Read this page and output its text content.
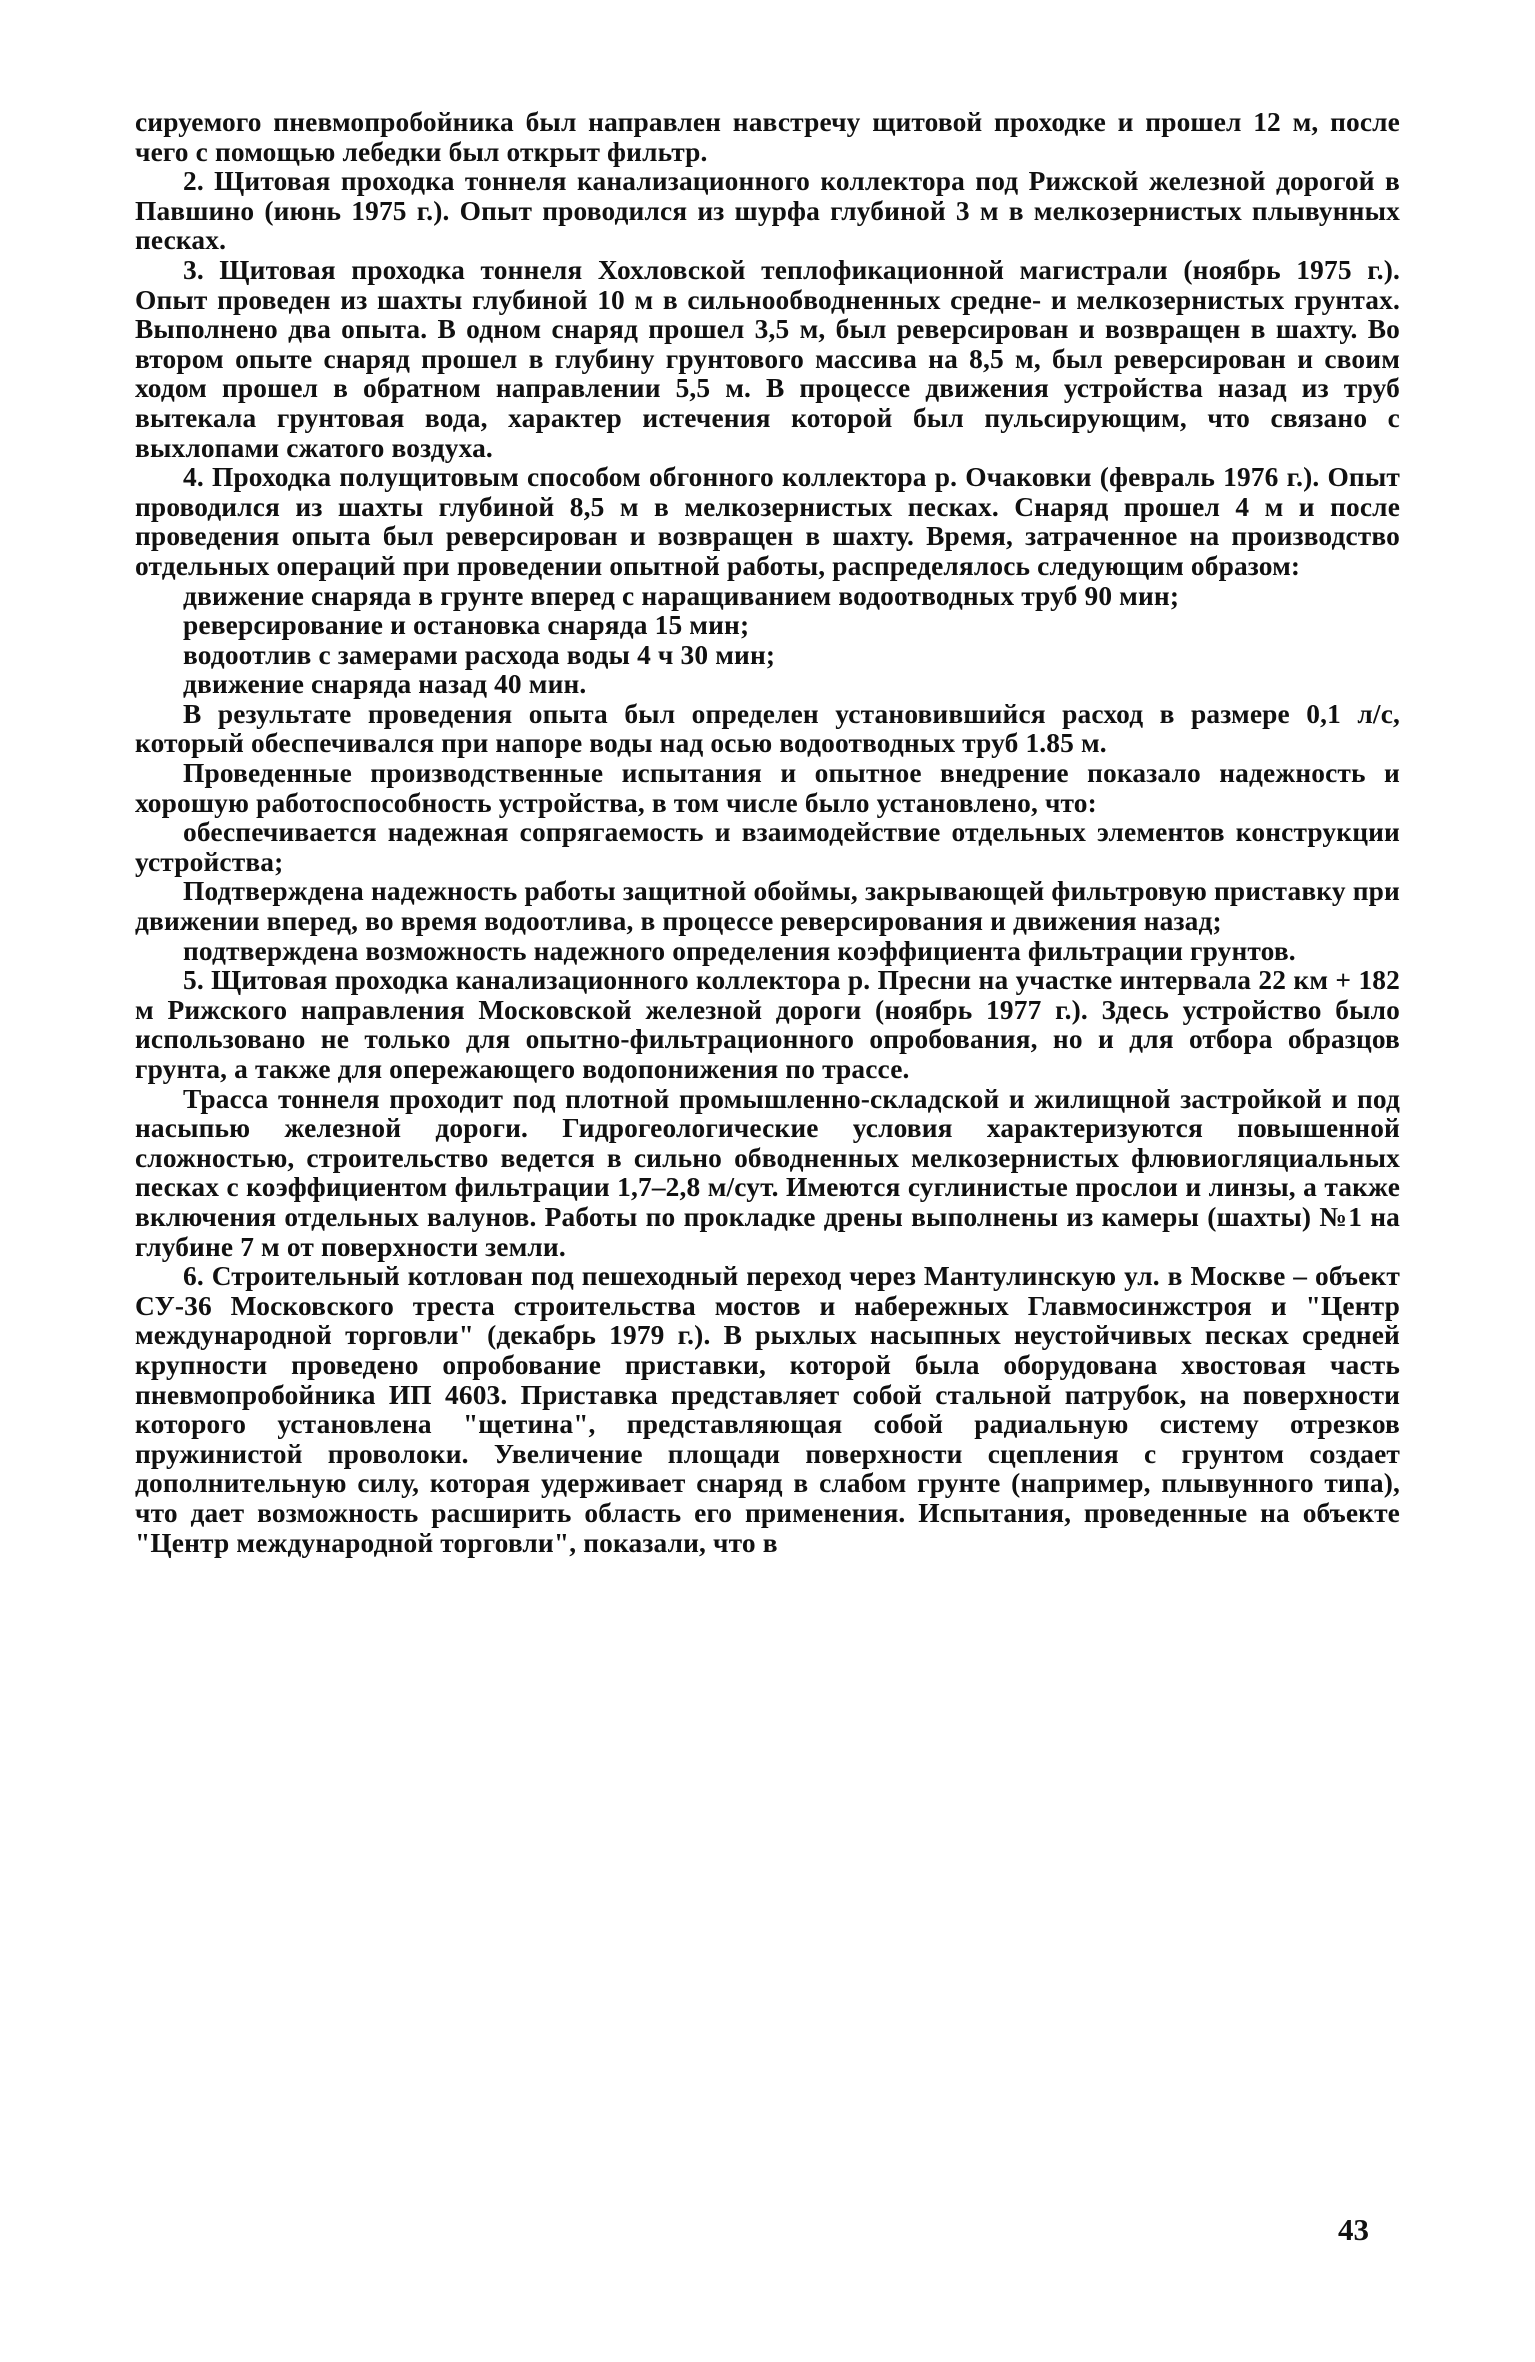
сируемого пневмопробойника был направлен навстречу щитовой проходке и прошел 12 м, после чего с помощью лебедки был открыт фильтр.

2. Щитовая проходка тоннеля канализационного коллектора под Рижской железной дорогой в Павшино (июнь 1975 г.). Опыт проводился из шурфа глубиной 3 м в мелкозернистых плывунных песках.

3. Щитовая проходка тоннеля Хохловской теплофикационной магистрали (ноябрь 1975 г.). Опыт проведен из шахты глубиной 10 м в сильнообводненных средне- и мелкозернистых грунтах. Выполнено два опыта. В одном снаряд прошел 3,5 м, был реверсирован и возвращен в шахту. Во втором опыте снаряд прошел в глубину грунтового массива на 8,5 м, был реверсирован и своим ходом прошел в обратном направлении 5,5 м. В процессе движения устройства назад из труб вытекала грунтовая вода, характер истечения которой был пульсирующим, что связано с выхлопами сжатого воздуха.

4. Проходка полущитовым способом обгонного коллектора р. Очаковки (февраль 1976 г.). Опыт проводился из шахты глубиной 8,5 м в мелкозернистых песках. Снаряд прошел 4 м и после проведения опыта был реверсирован и возвращен в шахту. Время, затраченное на производство отдельных операций при проведении опытной работы, распределялось следующим образом:

движение снаряда в грунте вперед с наращиванием водоотводных труб 90 мин;

реверсирование и остановка снаряда 15 мин;

водоотлив с замерами расхода воды 4 ч 30 мин;

движение снаряда назад 40 мин.

В результате проведения опыта был определен установившийся расход в размере 0,1 л/с, который обеспечивался при напоре воды над осью водоотводных труб 1.85 м.

Проведенные производственные испытания и опытное внедрение показало надежность и хорошую работоспособность устройства, в том числе было установлено, что:

обеспечивается надежная сопрягаемость и взаимодействие отдельных элементов конструкции устройства;

Подтверждена надежность работы защитной обоймы, закрывающей фильтровую приставку при движении вперед, во время водоотлива, в процессе реверсирования и движения назад;

подтверждена возможность надежного определения коэффициента фильтрации грунтов.

5. Щитовая проходка канализационного коллектора р. Пресни на участке интервала 22 км + 182 м Рижского направления Московской железной дороги (ноябрь 1977 г.). Здесь устройство было использовано не только для опытно-фильтрационного опробования, но и для отбора образцов грунта, а также для опережающего водопонижения по трассе.

Трасса тоннеля проходит под плотной промышленно-складской и жилищной застройкой и под насыпью железной дороги. Гидрогеологические условия характеризуются повышенной сложностью, строительство ведется в сильно обводненных мелкозернистых флювиогляциальных песках с коэффициентом фильтрации 1,7–2,8 м/сут. Имеются суглинистые прослои и линзы, а также включения отдельных валунов. Работы по прокладке дрены выполнены из камеры (шахты) №1 на глубине 7 м от поверхности земли.

6. Строительный котлован под пешеходный переход через Мантулинскую ул. в Москве – объект СУ-36 Московского треста строительства мостов и набережных Главмосинжстроя и "Центр международной торговли" (декабрь 1979 г.). В рыхлых насыпных неустойчивых песках средней крупности проведено опробование приставки, которой была оборудована хвостовая часть пневмопробойника ИП 4603. Приставка представляет собой стальной патрубок, на поверхности которого установлена "щетина", представляющая собой радиальную систему отрезков пружинистой проволоки. Увеличение площади поверхности сцепления с грунтом создает дополнительную силу, которая удерживает снаряд в слабом грунте (например, плывунного типа), что дает возможность расширить область его применения. Испытания, проведенные на объекте "Центр международной торговли", показали, что в

43
